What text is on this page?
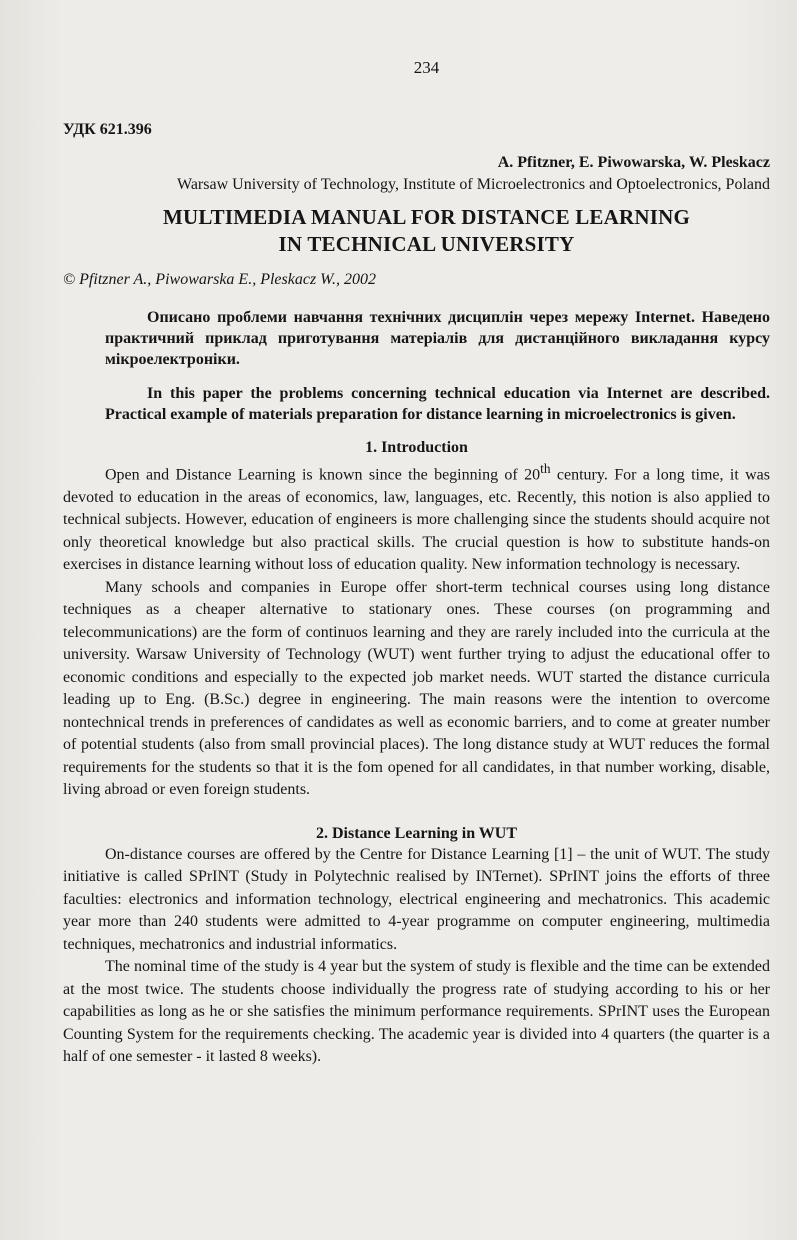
234
УДК 621.396

A. Pfitzner, E. Piwowarska, W. Pleskacz

Warsaw University of Technology, Institute of Microelectronics and Optoelectronics, Poland

MULTIMEDIA MANUAL FOR DISTANCE LEARNING
IN TECHNICAL UNIVERSITY

© Pfitzner A., Piwowarska E., Pleskacz W., 2002

Описано проблеми навчання технічних дисциплін через мережу Internet. Наведено практичний приклад приготування матеріалів для дистанційного викладання курсу мікроелектроніки.

In this paper the problems concerning technical education via Internet are described. Practical example of materials preparation for distance learning in microelectronics is given.

1. Introduction

Open and Distance Learning is known since the beginning of 20th century. For a long time, it was devoted to education in the areas of economics, law, languages, etc. Recently, this notion is also applied to technical subjects. However, education of engineers is more challenging since the students should acquire not only theoretical knowledge but also practical skills. The crucial question is how to substitute hands-on exercises in distance learning without loss of education quality. New information technology is necessary.

Many schools and companies in Europe offer short-term technical courses using long distance techniques as a cheaper alternative to stationary ones. These courses (on programming and telecommunications) are the form of continuos learning and they are rarely included into the curricula at the university. Warsaw University of Technology (WUT) went further trying to adjust the educational offer to economic conditions and especially to the expected job market needs. WUT started the distance curricula leading up to Eng. (B.Sc.) degree in engineering. The main reasons were the intention to overcome nontechnical trends in preferences of candidates as well as economic barriers, and to come at greater number of potential students (also from small provincial places). The long distance study at WUT reduces the formal requirements for the students so that it is the fom opened for all candidates, in that number working, disable, living abroad or even foreign students.

2. Distance Learning in WUT

On-distance courses are offered by the Centre for Distance Learning [1] – the unit of WUT. The study initiative is called SPrINT (Study in Polytechnic realised by INTernet). SPrINT joins the efforts of three faculties: electronics and information technology, electrical engineering and mechatronics. This academic year more than 240 students were admitted to 4-year programme on computer engineering, multimedia techniques, mechatronics and industrial informatics.

The nominal time of the study is 4 year but the system of study is flexible and the time can be extended at the most twice. The students choose individually the progress rate of studying according to his or her capabilities as long as he or she satisfies the minimum performance requirements. SPrINT uses the European Counting System for the requirements checking. The academic year is divided into 4 quarters (the quarter is a half of one semester - it lasted 8 weeks).
